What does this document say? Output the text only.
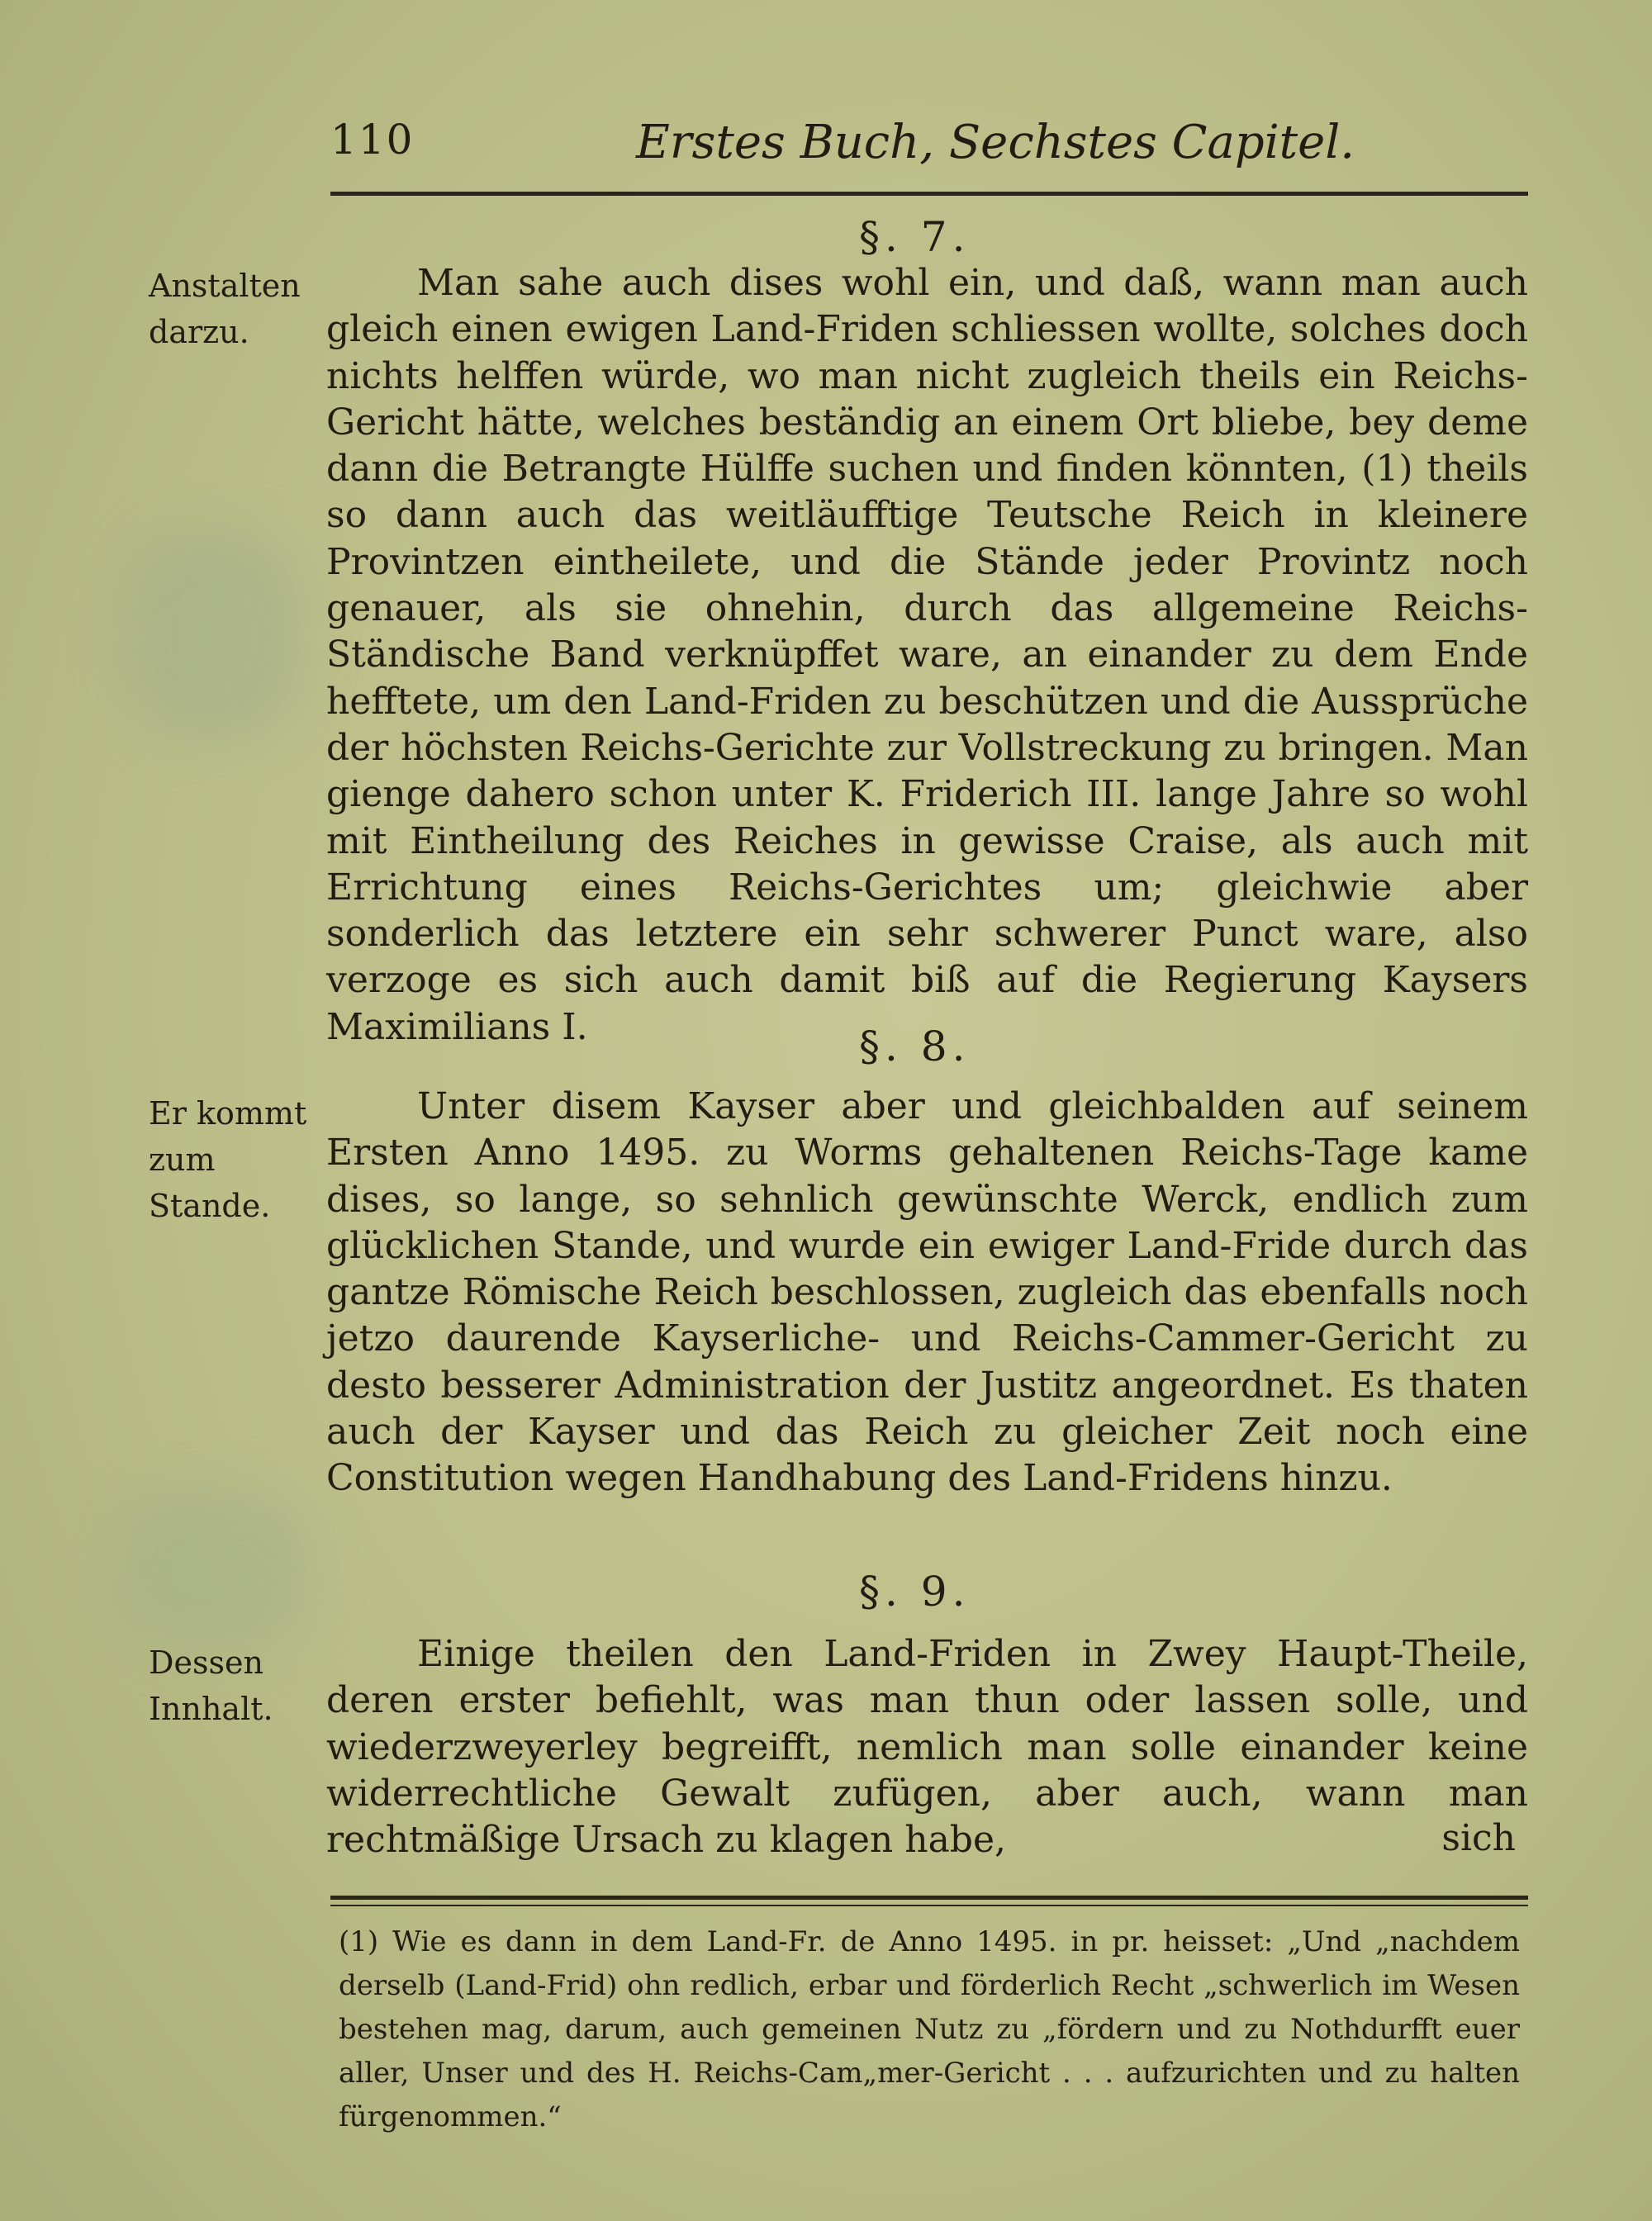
110	Erstes Buch, Sechstes Capitel.
§. 7.
Anstalten darzu.

Man sahe auch dises wohl ein, und daß, wann man auch gleich einen ewigen Land-Friden schliessen wollte, solches doch nichts helffen würde, wo man nicht zugleich theils ein Reichs-Gericht hätte, welches beständig an einem Ort bliebe, bey deme dann die Betrangte Hülffe suchen und finden könnten, (1) theils so dann auch das weitläufftige Teutsche Reich in kleinere Provintzen eintheilete, und die Stände jeder Provintz noch genauer, als sie ohnehin, durch das allgemeine Reichs-Ständische Band verknüpffet ware, an einander zu dem Ende hefftete, um den Land-Friden zu beschützen und die Aussprüche der höchsten Reichs-Gerichte zur Vollstreckung zu bringen. Man gienge dahero schon unter K. Friderich III. lange Jahre so wohl mit Eintheilung des Reiches in gewisse Craise, als auch mit Errichtung eines Reichs-Gerichtes um; gleichwie aber sonderlich das letztere ein sehr schwerer Punct ware, also verzoge es sich auch damit biß auf die Regierung Kaysers Maximilians I.	§. 8.
Er kommt zum Stande.

Unter disem Kayser aber und gleichbalden auf seinem Ersten Anno 1495. zu Worms gehaltenen Reichs-Tage kame dises, so lange, so sehnlich gewünschte Werck, endlich zum glücklichen Stande, und wurde ein ewiger Land-Fride durch das gantze Römische Reich beschlossen, zugleich das ebenfalls noch jetzo daurende Kayserliche- und Reichs-Cammer-Gericht zu desto besserer Administration der Justitz angeordnet. Es thaten auch der Kayser und das Reich zu gleicher Zeit noch eine Constitution wegen Handhabung des Land-Fridens hinzu.

§. 9.
Dessen Innhalt.

Einige theilen den Land-Friden in Zwey Haupt-Theile, deren erster befiehlt, was man thun oder lassen solle, und wiederzweyerley begreifft, nemlich man solle einander keine widerrechtliche Gewalt zufügen, aber auch, wann man rechtmäßige Ursach zu klagen habe,	sich
(1) Wie es dann in dem Land-Fr. de Anno 1495. in pr. heisset: „Und „nachdem derselb (Land-Frid) ohn redlich, erbar und förderlich Recht „schwerlich im Wesen bestehen mag, darum, auch gemeinen Nutz zu „fördern und zu Nothdurfft euer aller, Unser und des H. Reichs-Cam„mer-Gericht . . . aufzurichten und zu halten fürgenommen.“
